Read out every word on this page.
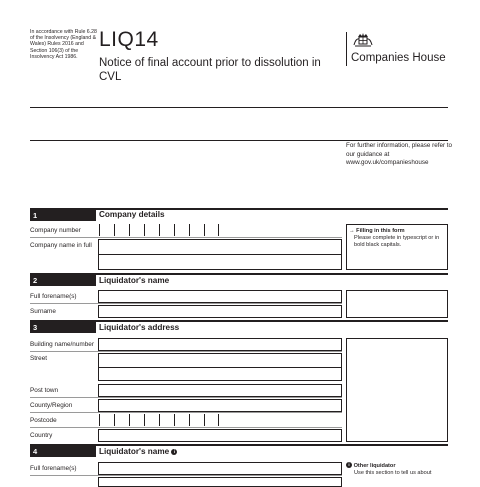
In accordance with Rule 6.28 of the Insolvency (England & Wales) Rules 2016 and Section 106(3) of the Insolvency Act 1986.
LIQ14
Notice of final account prior to dissolution in CVL
Companies House
For further information, please refer to our guidance at www.gov.uk/companieshouse
1	Company details
Company number
Company name in full
→ Filling in this form
Please complete in typescript or in bold black capitals.
2	Liquidator's name
Full forename(s)
Surname
3	Liquidator's address
Building name/number
Street
Post town
County/Region
Postcode
Country
4	Liquidator's name i
Full forename(s)
i Other liquidator
Use this section to tell us about
